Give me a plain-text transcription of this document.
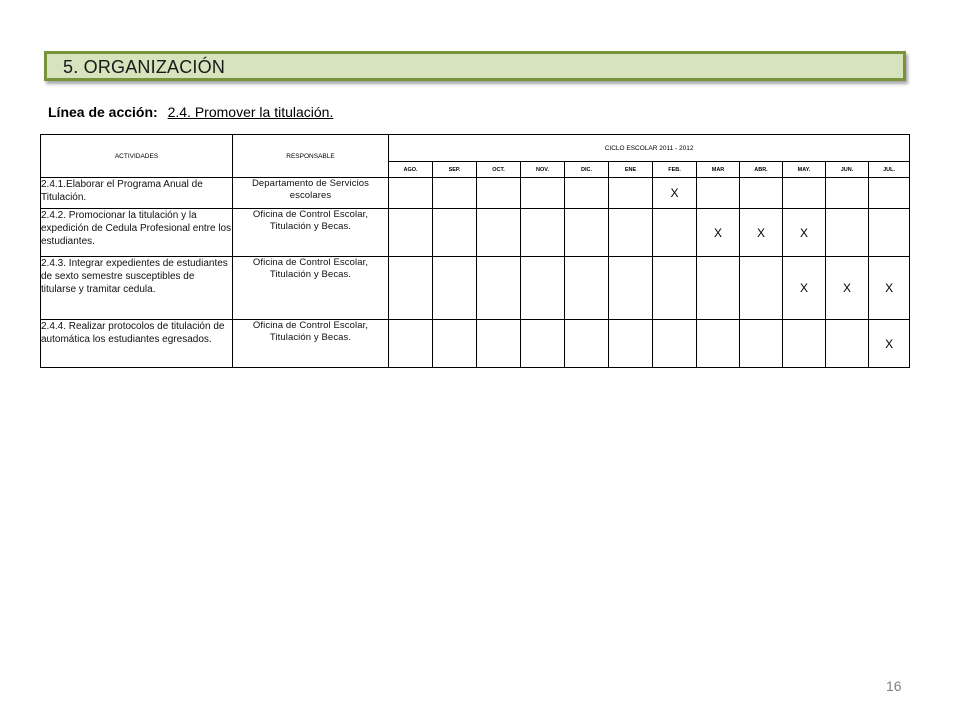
5. ORGANIZACIÓN
Línea de acción: 2.4. Promover la titulación.
ACTIVIDADES	RESPONSABLE	CICLO ESCOLAR 2011 - 2012											
		AGO.	SEP.	OCT.	NOV.	DIC.	ENE	FEB.	MAR	ABR.	MAY.	JUN.	JUL.
2.4.1.Elaborar el Programa Anual de Titulación.	Departamento de Servicios escolares							X					
2.4.2. Promocionar la titulación y la expedición de Cedula Profesional entre los estudiantes.	Oficina de Control Escolar, Titulación y Becas.								X	X	X		
2.4.3. Integrar expedientes de estudiantes de sexto semestre susceptibles de titularse y tramitar cedula.	Oficina de Control Escolar, Titulación y Becas.										X	X	X
2.4.4. Realizar protocolos de titulación de automática los estudiantes egresados.	Oficina de Control Escolar, Titulación y Becas.												X
16
